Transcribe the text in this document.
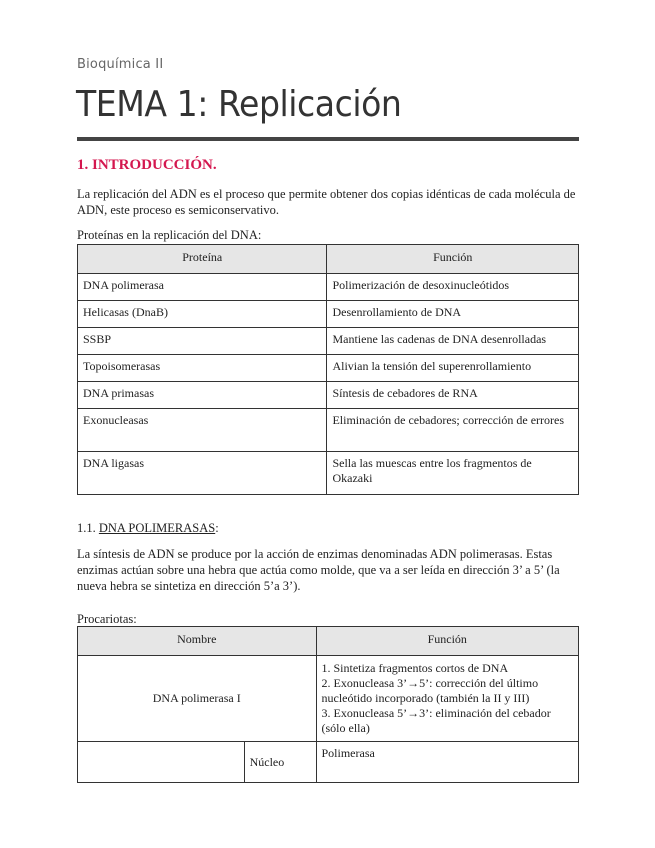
Bioquímica II
TEMA 1: Replicación
1. INTRODUCCIÓN.

La replicación del ADN es el proceso que permite obtener dos copias idénticas de cada molécula de ADN, este proceso es semiconservativo.

Proteínas en la replicación del DNA:
Proteína	Función
DNA polimerasa	Polimerización de desoxinucleótidos
Helicasas (DnaB)	Desenrollamiento de DNA
SSBP	Mantiene las cadenas de DNA desenrolladas
Topoisomerasas	Alivian la tensión del superenrollamiento
DNA primasas	Síntesis de cebadores de RNA
Exonucleasas	Eliminación de cebadores; corrección de errores
DNA ligasas	Sella las muescas entre los fragmentos de Okazaki
1.1. DNA POLIMERASAS:

La síntesis de ADN se produce por la acción de enzimas denominadas ADN polimerasas. Estas enzimas actúan sobre una hebra que actúa como molde, que va a ser leída en dirección 3’ a 5’ (la nueva hebra se sintetiza en dirección 5’a 3’).

Procariotas:
Nombre		Función
DNA polimerasa I		1. Sintetiza fragmentos cortos de DNA
2. Exonucleasa 3’→5’: corrección del último nucleótido incorporado (también la II y III)
3. Exonucleasa 5’→3’: eliminación del cebador (sólo ella)

	Núcleo	Polimerasa
